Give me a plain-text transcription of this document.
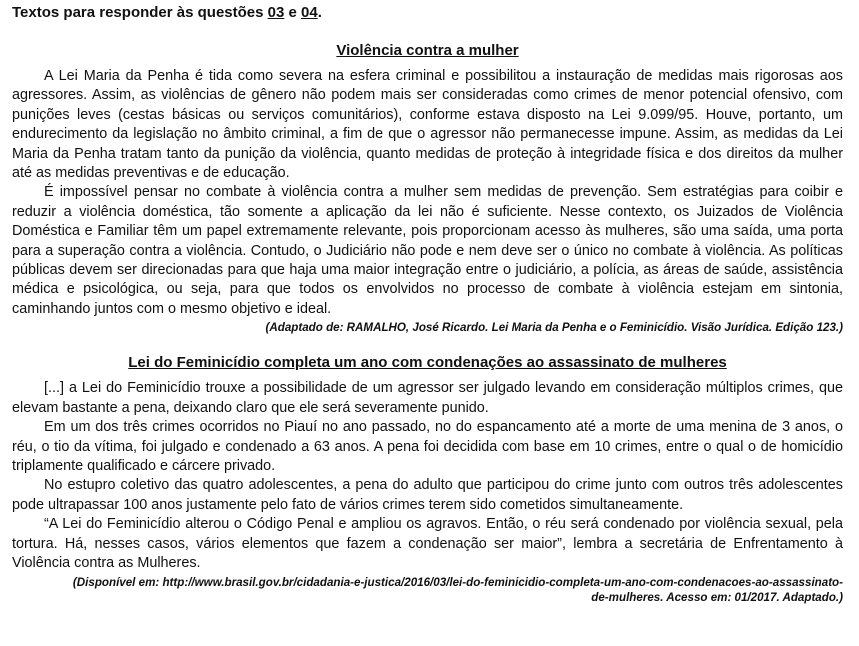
Textos para responder às questões 03 e 04.
Violência contra a mulher

A Lei Maria da Penha é tida como severa na esfera criminal e possibilitou a instauração de medidas mais rigorosas aos agressores. Assim, as violências de gênero não podem mais ser consideradas como crimes de menor potencial ofensivo, com punições leves (cestas básicas ou serviços comunitários), conforme estava disposto na Lei 9.099/95. Houve, portanto, um endurecimento da legislação no âmbito criminal, a fim de que o agressor não permanecesse impune. Assim, as medidas da Lei Maria da Penha tratam tanto da punição da violência, quanto medidas de proteção à integridade física e dos direitos da mulher até as medidas preventivas e de educação.

É impossível pensar no combate à violência contra a mulher sem medidas de prevenção. Sem estratégias para coibir e reduzir a violência doméstica, tão somente a aplicação da lei não é suficiente. Nesse contexto, os Juizados de Violência Doméstica e Familiar têm um papel extremamente relevante, pois proporcionam acesso às mulheres, são uma saída, uma porta para a superação contra a violência. Contudo, o Judiciário não pode e nem deve ser o único no combate à violência. As políticas públicas devem ser direcionadas para que haja uma maior integração entre o judiciário, a polícia, as áreas de saúde, assistência médica e psicológica, ou seja, para que todos os envolvidos no processo de combate à violência estejam em sintonia, caminhando juntos com o mesmo objetivo e ideal.

(Adaptado de: RAMALHO, José Ricardo. Lei Maria da Penha e o Feminicídio. Visão Jurídica. Edição 123.)
Lei do Feminicídio completa um ano com condenações ao assassinato de mulheres

[...] a Lei do Feminicídio trouxe a possibilidade de um agressor ser julgado levando em consideração múltiplos crimes, que elevam bastante a pena, deixando claro que ele será severamente punido.

Em um dos três crimes ocorridos no Piauí no ano passado, no do espancamento até a morte de uma menina de 3 anos, o réu, o tio da vítima, foi julgado e condenado a 63 anos. A pena foi decidida com base em 10 crimes, entre o qual o de homicídio triplamente qualificado e cárcere privado.

No estupro coletivo das quatro adolescentes, a pena do adulto que participou do crime junto com outros três adolescentes pode ultrapassar 100 anos justamente pelo fato de vários crimes terem sido cometidos simultaneamente.

“A Lei do Feminicídio alterou o Código Penal e ampliou os agravos. Então, o réu será condenado por violência sexual, pela tortura. Há, nesses casos, vários elementos que fazem a condenação ser maior”, lembra a secretária de Enfrentamento à Violência contra as Mulheres.

(Disponível em: http://www.brasil.gov.br/cidadania-e-justica/2016/03/lei-do-feminicidio-completa-um-ano-com-condenacoes-ao-assassinato-
de-mulheres. Acesso em: 01/2017. Adaptado.)
